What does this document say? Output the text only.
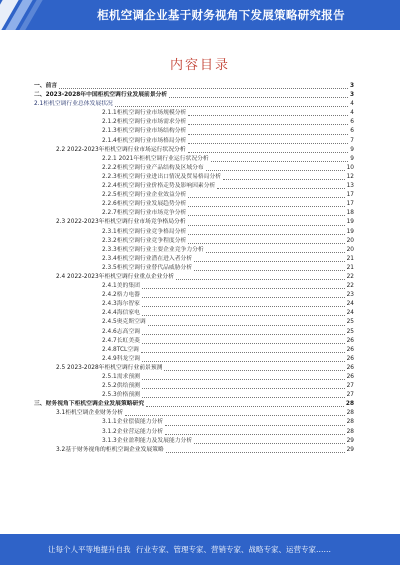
柜机空调企业基于财务视角下发展策略研究报告
内容目录
一、前言	3
二、2023-2028年中国柜机空调行业发展前景分析	3
2.1柜机空调行业总体发展状况	4
2.1.1柜机空调行业市场规模分析	4
2.1.2柜机空调行业市场需求分析	6
2.1.3柜机空调行业市场结构分析	6
2.1.4柜机空调行业市场格局分析	7
2.2 2022-2023年柜机空调行业市场运行状况分析	9
2.2.1 2021年柜机空调行业运行状况分析	9
2.2.2柜机空调行业产品结构及区域分布	10
2.2.3柜机空调行业进出口情况及贸易格局分析	12
2.2.4柜机空调行业价格走势及影响因素分析	13
2.2.5柜机空调行业企业效益分析	17
2.2.6柜机空调行业发展趋势分析	17
2.2.7柜机空调行业市场竞争分析	18
2.3 2022-2023年柜机空调行业市场竞争格局分析	19
2.3.1柜机空调行业竞争格局分析	19
2.3.2柜机空调行业竞争程度分析	20
2.3.3柜机空调行业主要企业竞争力分析	20
2.3.4柜机空调行业潜在进入者分析	21
2.3.5柜机空调行业替代品威胁分析	21
2.4 2022-2023年柜机空调行业重点企业分析	22
2.4.1美的集团	22
2.4.2格力电器	23
2.4.3海尔智家	24
2.4.4海信家电	24
2.4.5奥克斯空调	25
2.4.6志高空调	25
2.4.7长虹美菱	26
2.4.8TCL空调	26
2.4.9科龙空调	26
2.5 2023-2028年柜机空调行业前景预测	26
2.5.1需求预测	26
2.5.2供给预测	27
2.5.3价格预测	27
三、财务视角下柜机空调企业发展策略研究	28
3.1柜机空调企业财务分析	28
3.1.1企业偿债能力分析	28
3.1.2企业营运能力分析	28
3.1.3企业盈利能力及发展能力分析	29
3.2基于财务视角的柜机空调企业发展策略	29
让每个人平等地提升自我 行业专家、管理专家、营销专家、战略专家、运营专家……
